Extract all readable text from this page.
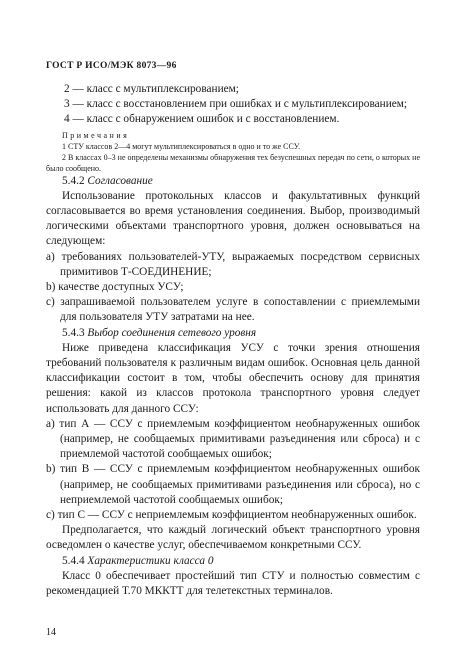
ГОСТ Р ИСО/МЭК 8073—96

2 — класс с мультиплексированием;

3 — класс с восстановлением при ошибках и с мультиплексированием;

4 — класс с обнаружением ошибок и с восстановлением.

Примечания

1 СТУ классов 2—4 могут мультиплексироваться в одно и то же ССУ.

2 В классах 0–3 не определены механизмы обнаружения тех безуспешных передач по сети, о которых не было сообщено.

5.4.2 Согласование

Использование протокольных классов и факультативных функций согласовывается во время установления соединения. Выбор, производимый логическими объектами транспортного уровня, должен основываться на следующем:

а) требованиях пользователей-УТУ, выражаемых посредством сервисных примитивов Т-СОЕДИНЕНИЕ;

b) качестве доступных УСУ;

с) запрашиваемой пользователем услуге в сопоставлении с приемлемыми для пользователя УТУ затратами на нее.

5.4.3 Выбор соединения сетевого уровня

Ниже приведена классификация УСУ с точки зрения отношения требований пользователя к различным видам ошибок. Основная цель данной классификации состоит в том, чтобы обеспечить основу для принятия решения: какой из классов протокола транспортного уровня следует использовать для данного ССУ:

а) тип А — ССУ с приемлемым коэффициентом необнаруженных ошибок (например, не сообщаемых примитивами разъединения или сброса) и с приемлемой частотой сообщаемых ошибок;

b) тип В — ССУ с приемлемым коэффициентом необнаруженных ошибок (например, не сообщаемых примитивами разъединения или сброса), но с неприемлемой частотой сообщаемых ошибок;

с) тип С — ССУ с неприемлемым коэффициентом необнаруженных ошибок.

Предполагается, что каждый логический объект транспортного уровня осведомлен о качестве услуг, обеспечиваемом конкретными ССУ.

5.4.4 Характеристики класса 0

Класс 0 обеспечивает простейший тип СТУ и полностью совместим с рекомендацией Т.70 МККТТ для телетекстных терминалов.

14
